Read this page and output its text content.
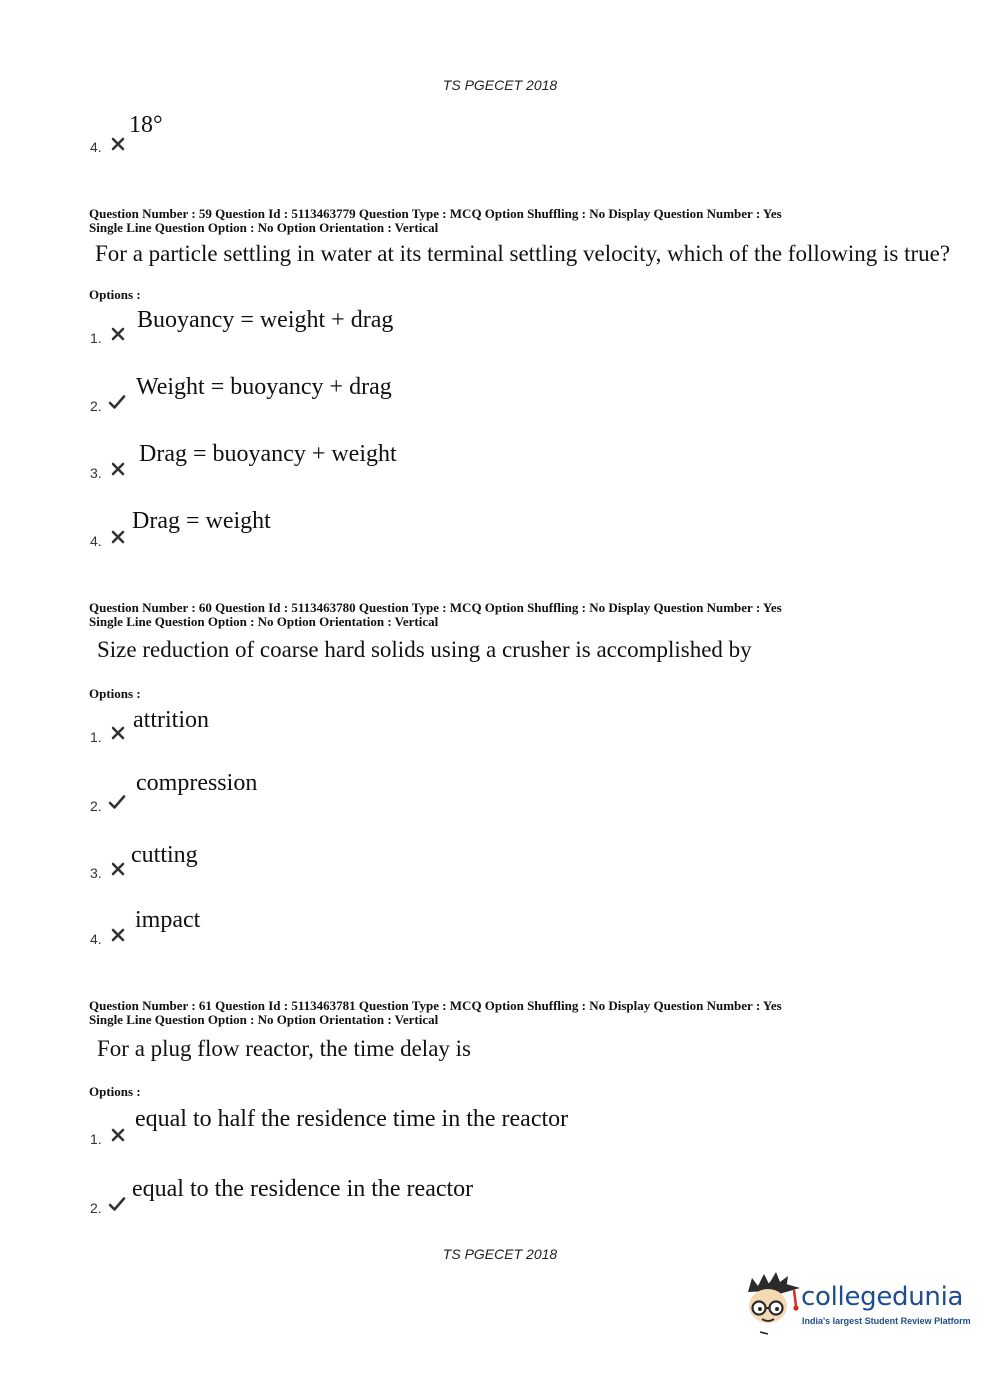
TS PGECET 2018
4.
18°
Question Number : 59 Question Id : 5113463779 Question Type : MCQ Option Shuffling : No Display Question Number : Yes
Single Line Question Option : No Option Orientation : Vertical
For a particle settling in water at its terminal settling velocity, which of the following is true?
Options :
1.
Buoyancy = weight + drag
2.
Weight = buoyancy + drag
3.
Drag = buoyancy + weight
4.
Drag = weight
Question Number : 60 Question Id : 5113463780 Question Type : MCQ Option Shuffling : No Display Question Number : Yes
Single Line Question Option : No Option Orientation : Vertical
Size reduction of coarse hard solids using a crusher is accomplished by
Options :
1.
attrition
2.
compression
3.
cutting
4.
impact
Question Number : 61 Question Id : 5113463781 Question Type : MCQ Option Shuffling : No Display Question Number : Yes
Single Line Question Option : No Option Orientation : Vertical
For a plug flow reactor, the time delay is
Options :
1.
equal to half the residence time in the reactor
2.
equal to the residence in the reactor
TS PGECET 2018
collegedunia
India's largest Student Review Platform
